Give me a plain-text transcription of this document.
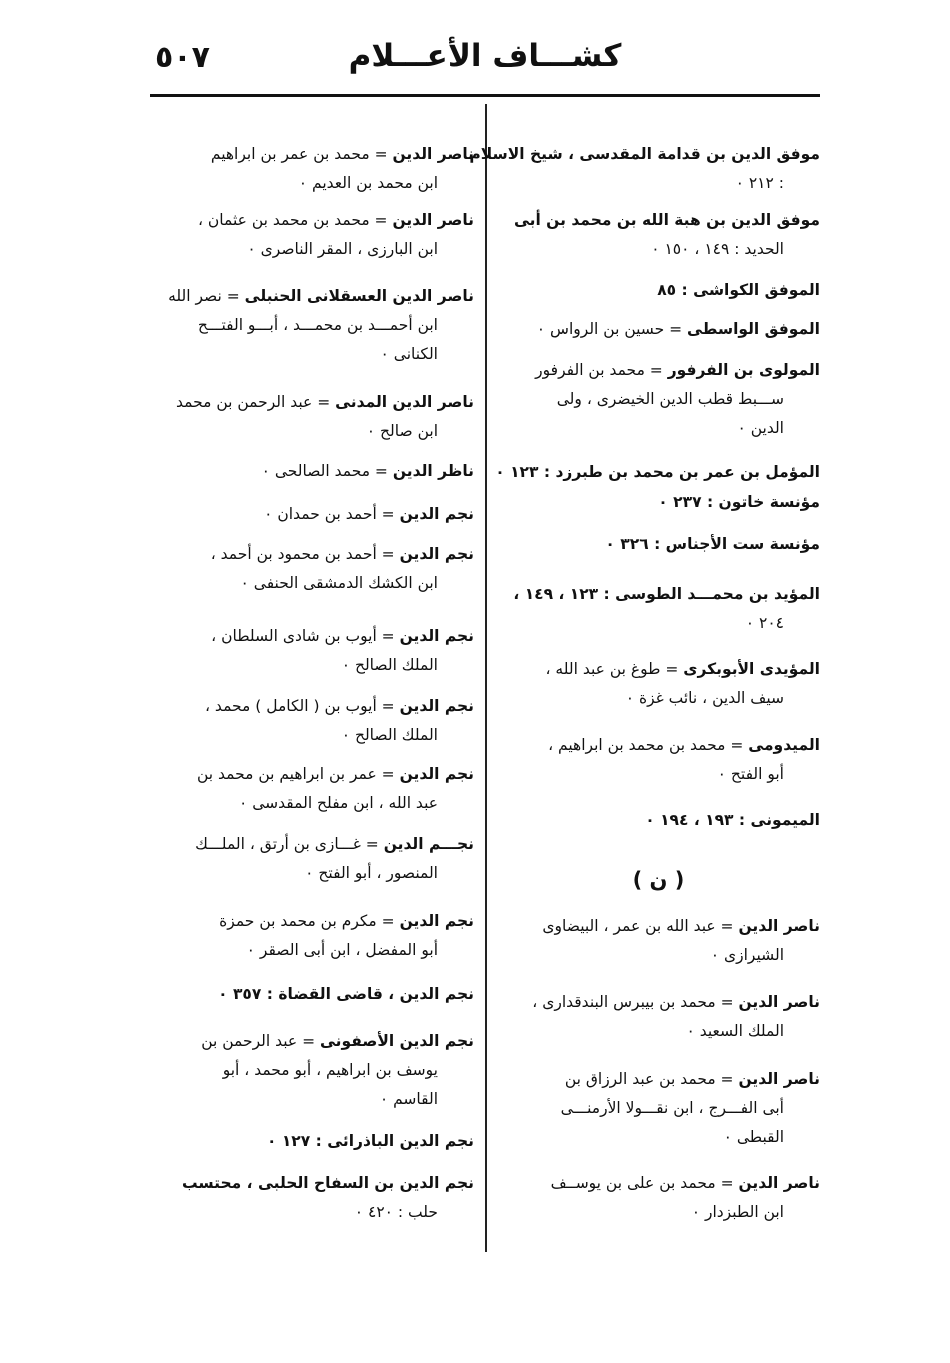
كشـــاف الأعـــلام
٥٠٧
موفق الدين بن قدامة المقدسى ، شيخ الاسلام
: ٢١٢ ٠
موفق الدين بن هبة الله بن محمد بن أبى
الحديد : ١٤٩ ، ١٥٠ ٠
الموفق الكواشى : ٨٥
الموفق الواسطى = حسين بن الرواس ٠
المولوى بن الفرفور = محمد بن الفرفور
ســـبط قطب الدين الخيضرى ، ولى
الدين ٠
المؤمل بن عمر بن محمد بن طبرزد : ١٢٣ ٠
مؤنسة خاتون : ٢٣٧ ٠
مؤنسة ست الأجناس : ٣٢٦ ٠
المؤيد بن محمـــد الطوسى : ١٢٣ ، ١٤٩ ،
٢٠٤ ٠
المؤيدى الأبوبكرى = طوغ بن عبد الله ،
سيف الدين ، نائب غزة ٠
الميدومى = محمد بن محمد بن ابراهيم ،
أبو الفتح ٠
الميمونى : ١٩٣ ، ١٩٤ ٠
ناصر الدين = عبد الله بن عمر ، البيضاوى
الشيرازى ٠
ناصر الدين = محمد بن بيبرس البندقدارى ،
الملك السعيد ٠
ناصر الدين = محمد بن عبد الرزاق بن
أبى الفـــرج ، ابن نقـــولا الأرمنـــى
القبطى ٠
ناصر الدين = محمد بن على بن يوســف
ابن الطبزدار ٠
( ن )
ناصر الدين = محمد بن عمر بن ابراهيم
ابن محمد بن العديم ٠
ناصر الدين = محمد بن محمد بن عثمان ،
ابن البارزى ، المقر الناصرى ٠
ناصر الدين العسقلانى الحنبلى = نصر الله
ابن أحمـــد بن محمـــد ، أبـــو الفتـــح
الكنانى ٠
ناصر الدين المدنى = عبد الرحمن بن محمد
ابن صالح ٠
ناظر الدين = محمد الصالحى ٠
نجم الدين = أحمد بن حمدان ٠
نجم الدين = أحمد بن محمود بن أحمد ،
ابن الكشك الدمشقى الحنفى ٠
نجم الدين = أيوب بن شادى السلطان ،
الملك الصالح ٠
نجم الدين = أيوب بن ( الكامل ) محمد ،
الملك الصالح ٠
نجم الدين = عمر بن ابراهيم بن محمد بن
عبد الله ، ابن مفلح المقدسى ٠
نجـــم الدين = غـــازى بن أرتق ، الملـــك
المنصور ، أبو الفتح ٠
نجم الدين = مكرم بن محمد بن حمزة
أبو المفضل ، ابن أبى الصقر ٠
نجم الدين ، قاضى القضاة : ٣٥٧ ٠
نجم الدين الأصفونى = عبد الرحمن بن
يوسف بن ابراهيم ، أبو محمد ، أبو
القاسم ٠
نجم الدين الباذرائى : ١٢٧ ٠
نجم الدين بن السفاح الحلبى ، محتسب
حلب : ٤٢٠ ٠
